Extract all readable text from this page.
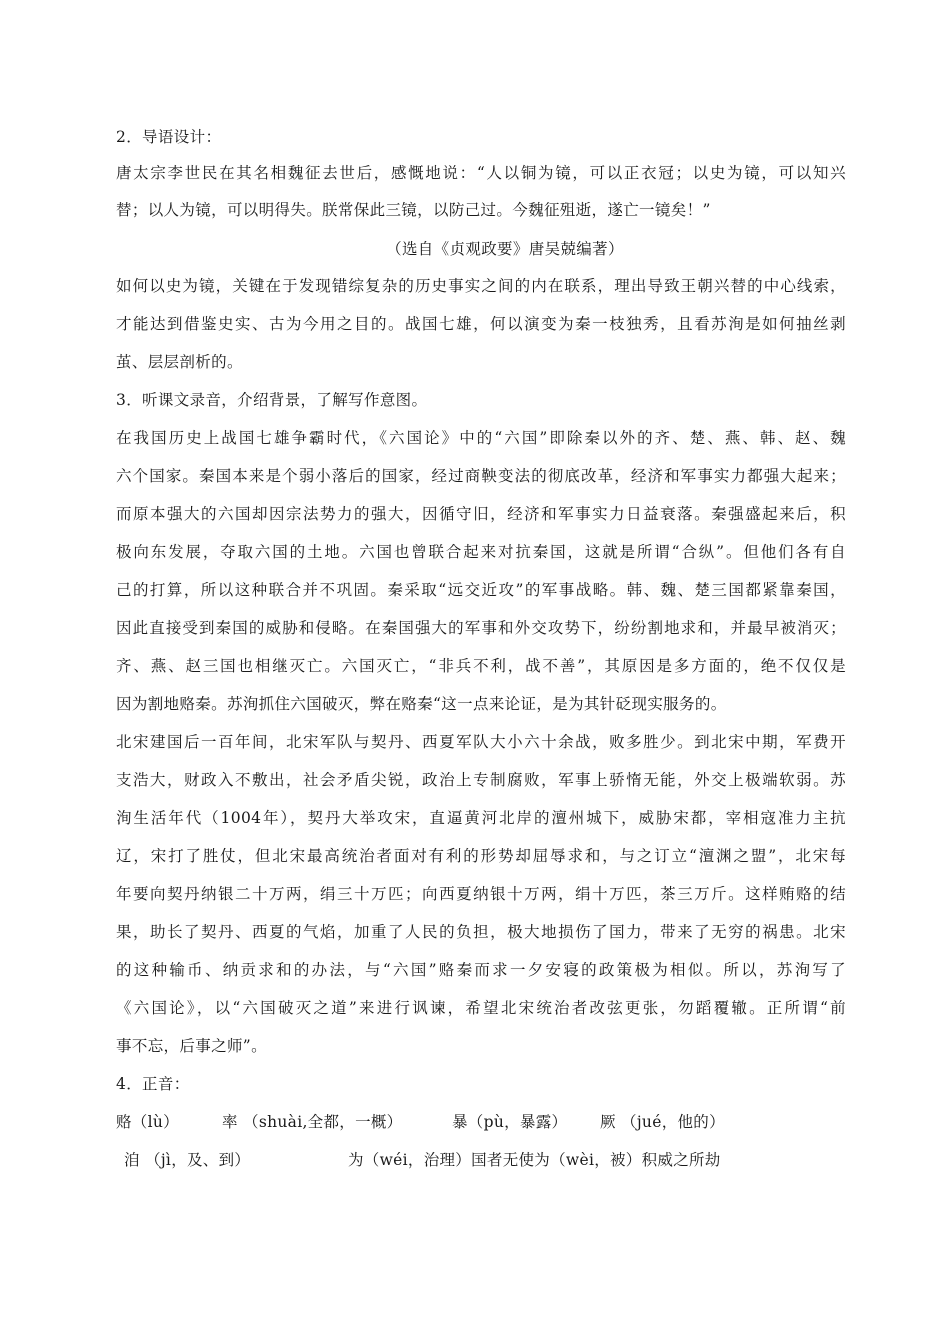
2．导语设计：
唐太宗李世民在其名相魏征去世后，感慨地说：“人以铜为镜，可以正衣冠；以史为镜，可以知兴
替；以人为镜，可以明得失。朕常保此三镜，以防己过。今魏征殂逝，遂亡一镜矣！”
（选自《贞观政要》唐吴兢编著）
如何以史为镜，关键在于发现错综复杂的历史事实之间的内在联系，理出导致王朝兴替的中心线索，
才能达到借鉴史实、古为今用之目的。战国七雄，何以演变为秦一枝独秀，且看苏洵是如何抽丝剥
茧、层层剖析的。
3．听课文录音，介绍背景，了解写作意图。
在我国历史上战国七雄争霸时代，《六国论》中的“六国”即除秦以外的齐、楚、燕、韩、赵、魏
六个国家。秦国本来是个弱小落后的国家，经过商鞅变法的彻底改革，经济和军事实力都强大起来；
而原本强大的六国却因宗法势力的强大，因循守旧，经济和军事实力日益衰落。秦强盛起来后，积
极向东发展，夺取六国的土地。六国也曾联合起来对抗秦国，这就是所谓“合纵”。但他们各有自
己的打算，所以这种联合并不巩固。秦采取“远交近攻”的军事战略。韩、魏、楚三国都紧靠秦国，
因此直接受到秦国的威胁和侵略。在秦国强大的军事和外交攻势下，纷纷割地求和，并最早被消灭；
齐、燕、赵三国也相继灭亡。六国灭亡，“非兵不利，战不善”，其原因是多方面的，绝不仅仅是
因为割地赂秦。苏洵抓住六国破灭，弊在赂秦“这一点来论证，是为其针砭现实服务的。
北宋建国后一百年间，北宋军队与契丹、西夏军队大小六十余战，败多胜少。到北宋中期，军费开
支浩大，财政入不敷出，社会矛盾尖锐，政治上专制腐败，军事上骄惰无能，外交上极端软弱。苏
洵生活年代（1004年），契丹大举攻宋，直逼黄河北岸的澶州城下，威胁宋都，宰相寇准力主抗
辽，宋打了胜仗，但北宋最高统治者面对有利的形势却屈辱求和，与之订立“澶渊之盟”，北宋每
年要向契丹纳银二十万两，绢三十万匹；向西夏纳银十万两，绢十万匹，茶三万斤。这样贿赂的结
果，助长了契丹、西夏的气焰，加重了人民的负担，极大地损伤了国力，带来了无穷的祸患。北宋
的这种输币、纳贡求和的办法，与“六国”赂秦而求一夕安寝的政策极为相似。所以，苏洵写了
《六国论》，以“六国破灭之道”来进行讽谏，希望北宋统治者改弦更张，勿蹈覆辙。正所谓“前
事不忘，后事之师”。
4．正音：
赂（lù）	率 （shuài,全都，一概）	暴（pù，暴露） 厥 （jué，他的）
洎 （jì，及、到）	为（wéi，治理）国者无使为（wèi，被）积威之所劫
